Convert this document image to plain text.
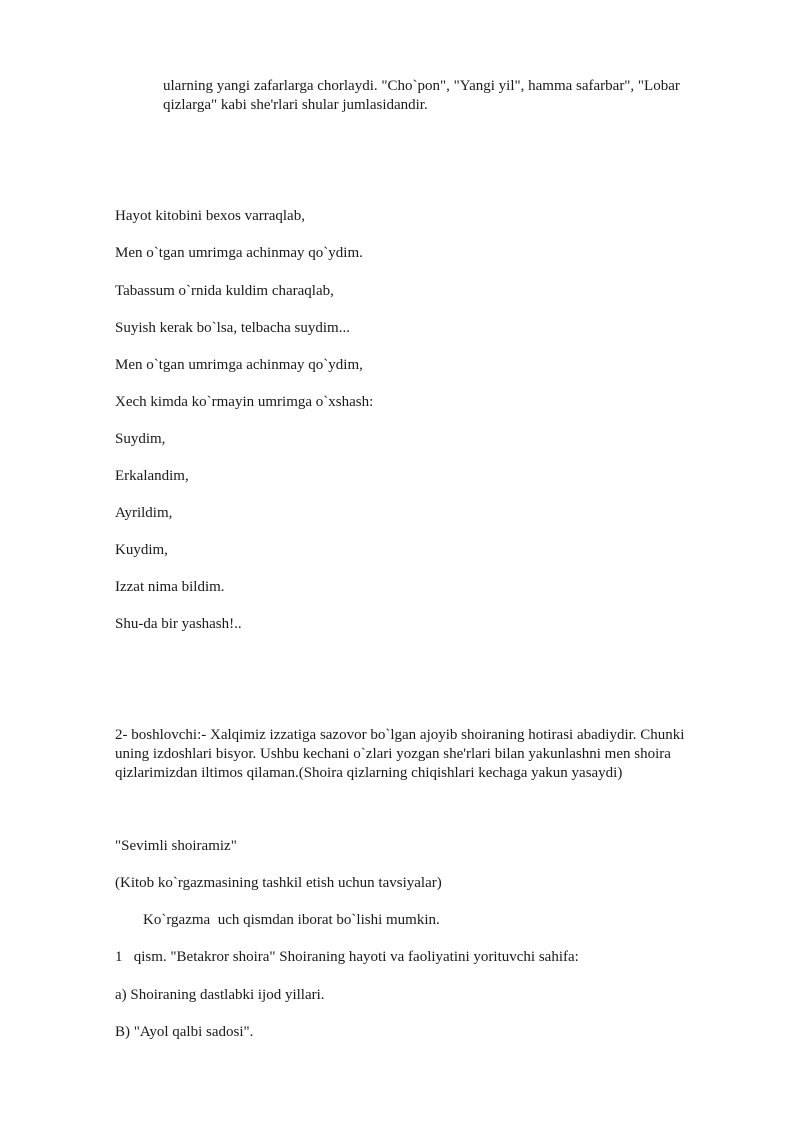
ularning yangi zafarlarga chorlaydi. "Cho`pon", "Yangi yil", hamma safarbar", "Lobar
qizlarga" kabi she'rlari shular jumlasidandir.
Hayot kitobini bexos varraqlab,
Men o`tgan umrimga achinmay qo`ydim.
Tabassum o`rnida kuldim charaqlab,
Suyish kerak bo`lsa, telbacha suydim...
Men o`tgan umrimga achinmay qo`ydim,
Xech kimda ko`rmayin umrimga o`xshash:
Suydim,
Erkalandim,
Ayrildim,
Kuydim,
Izzat nima bildim.
Shu-da bir yashash!..
2- boshlovchi:- Xalqimiz izzatiga sazovor bo`lgan ajoyib shoiraning hotirasi abadiydir. Chunki
uning izdoshlari bisyor. Ushbu kechani o`zlari yozgan she'rlari bilan yakunlashni men shoira
qizlarimizdan iltimos qilaman.(Shoira qizlarning chiqishlari kechaga yakun yasaydi)
"Sevimli shoiramiz"
(Kitob ko`rgazmasining tashkil etish uchun tavsiyalar)
Ko`rgazma  uch qismdan iborat bo`lishi mumkin.
1   qism. "Betakror shoira" Shoiraning hayoti va faoliyatini yorituvchi sahifa:
a) Shoiraning dastlabki ijod yillari.
B) "Ayol qalbi sadosi".
